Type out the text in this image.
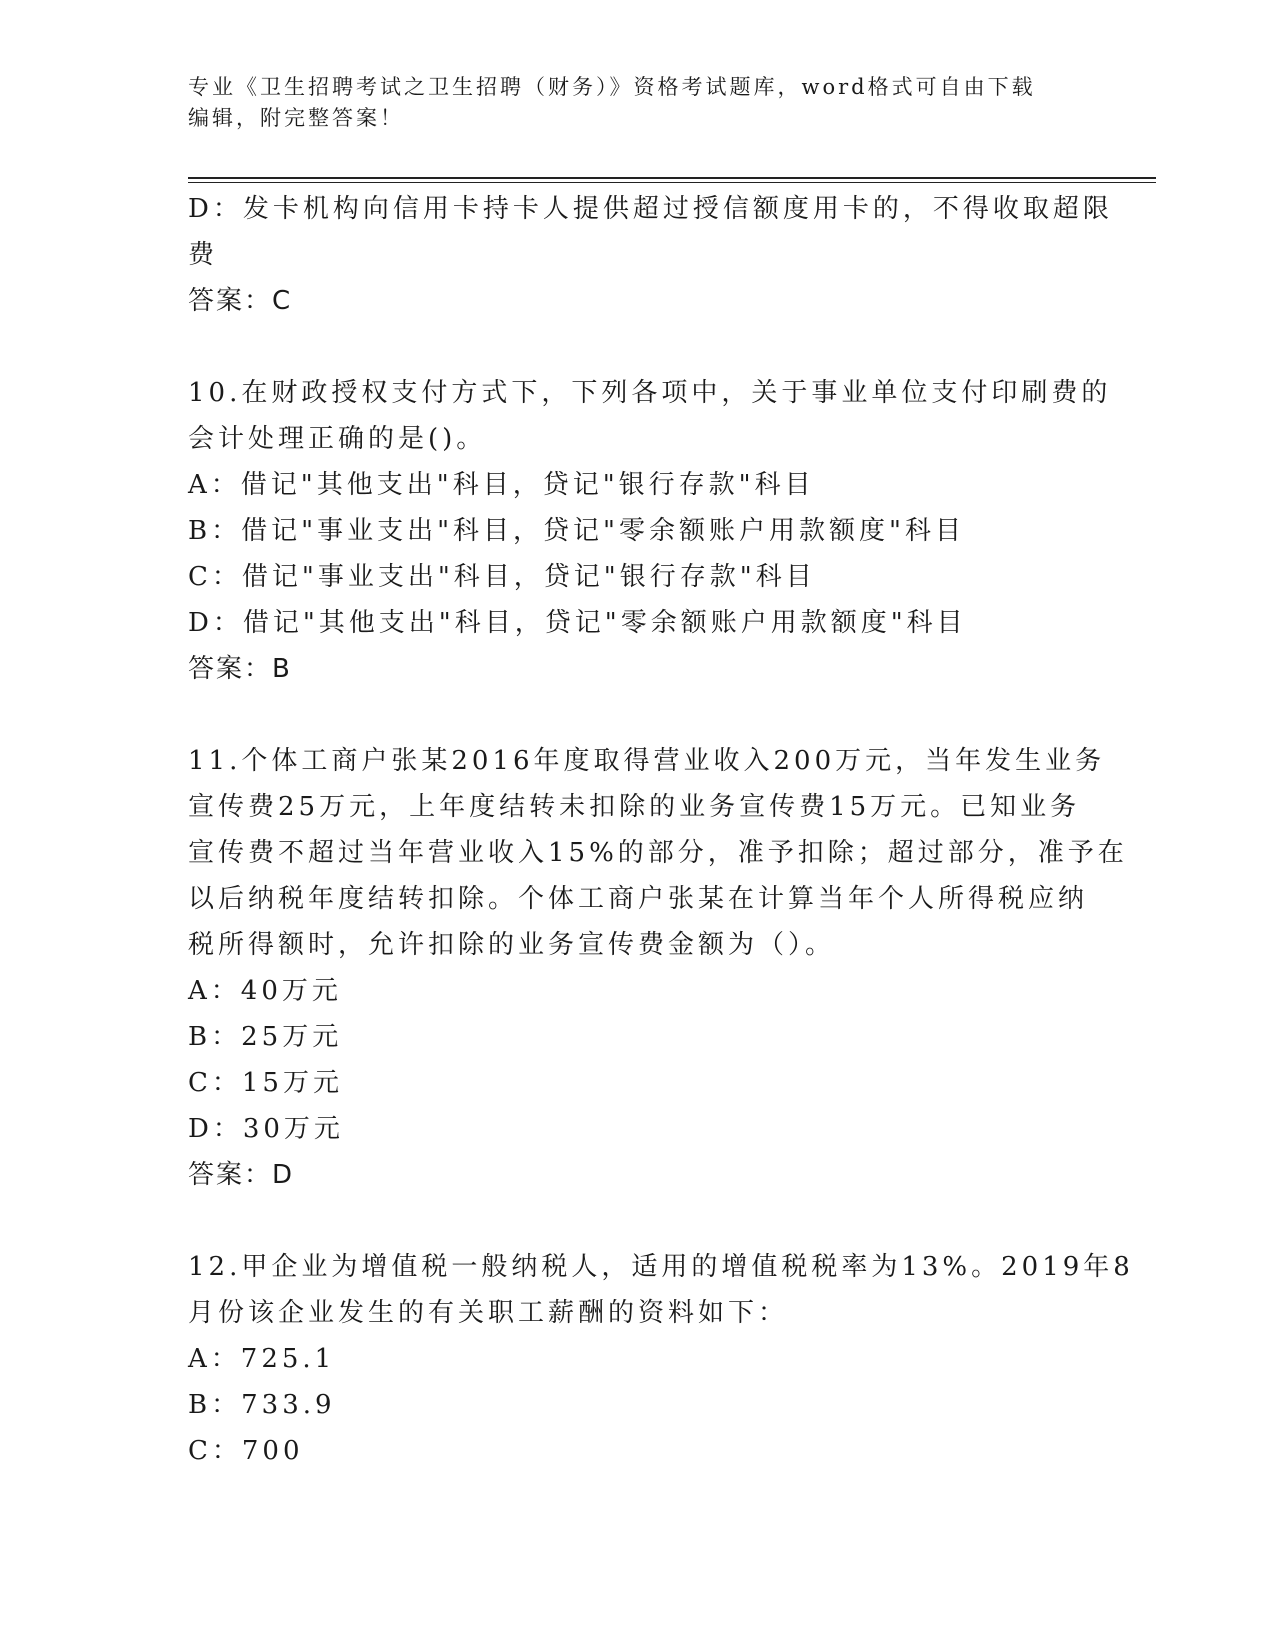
专业《卫生招聘考试之卫生招聘（财务）》资格考试题库，word格式可自由下载
编辑，附完整答案！
D：发卡机构向信用卡持卡人提供超过授信额度用卡的，不得收取超限
费
答案：C
10.在财政授权支付方式下，下列各项中，关于事业单位支付印刷费的
会计处理正确的是()。
A：借记"其他支出"科目，贷记"银行存款"科目
B：借记"事业支出"科目，贷记"零余额账户用款额度"科目
C：借记"事业支出"科目，贷记"银行存款"科目
D：借记"其他支出"科目，贷记"零余额账户用款额度"科目
答案：B
11.个体工商户张某2016年度取得营业收入200万元，当年发生业务
宣传费25万元，上年度结转未扣除的业务宣传费15万元。已知业务
宣传费不超过当年营业收入15%的部分，准予扣除；超过部分，准予在
以后纳税年度结转扣除。个体工商户张某在计算当年个人所得税应纳
税所得额时，允许扣除的业务宣传费金额为（）。
A：40万元
B：25万元
C：15万元
D：30万元
答案：D
12.甲企业为增值税一般纳税人，适用的增值税税率为13%。2019年8
月份该企业发生的有关职工薪酬的资料如下：
A：725.1
B：733.9
C：700
